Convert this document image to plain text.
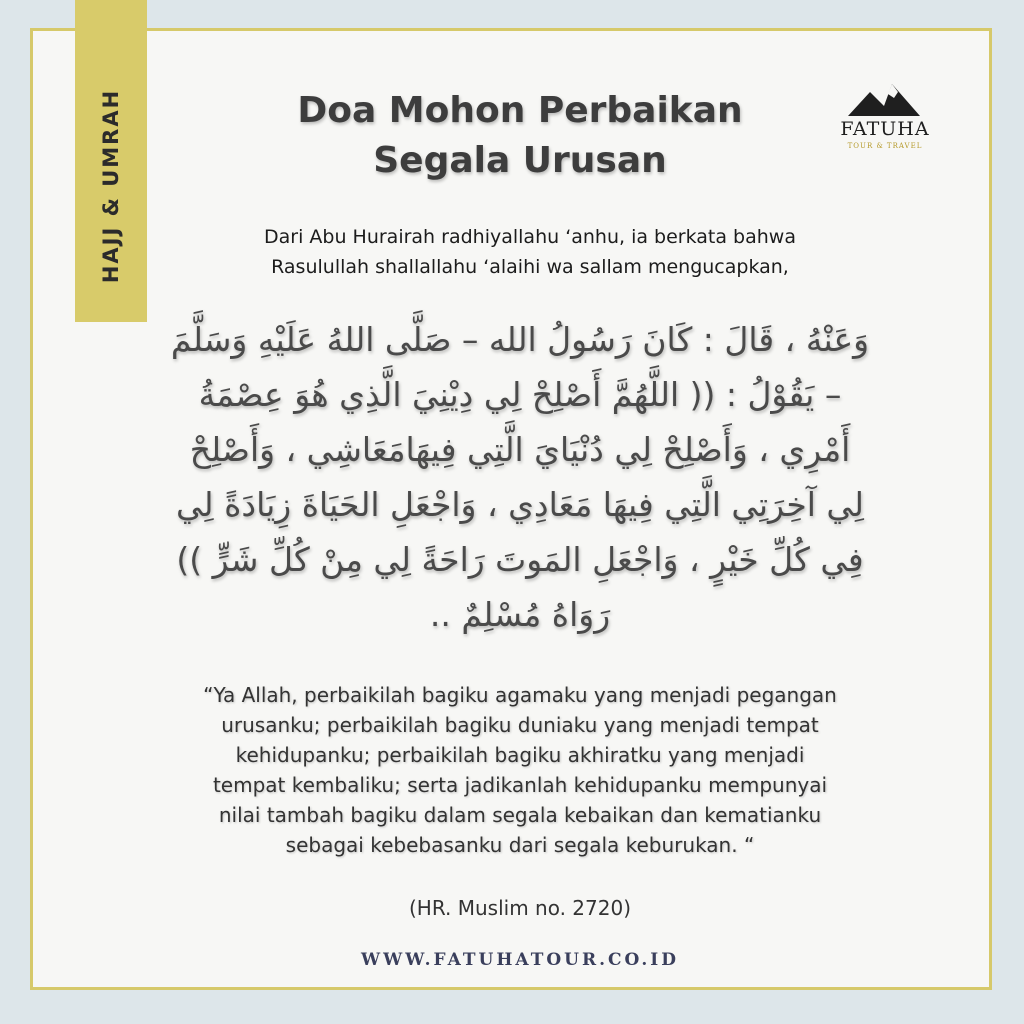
HAJJ & UMRAH	Doa Mohon Perbaikan
Segala Urusan
FATUHA
TOUR & TRAVEL
Dari Abu Hurairah radhiyallahu ‘anhu, ia berkata bahwa
Rasulullah shallallahu ‘alaihi wa sallam mengucapkan,
وَعَنْهُ ، قَالَ : كَانَ رَسُولُ الله – صَلَّى اللهُ عَلَيْهِ وَسَلَّمَ
– يَقُوْلُ : (( اللَّهُمَّ أَصْلِحْ لِي دِيْنِيَ الَّذِي هُوَ عِصْمَةُ
أَمْرِي ، وَأَصْلِحْ لِي دُنْيَايَ الَّتِي فِيهَامَعَاشِي ، وَأَصْلِحْ
لِي آخِرَتِي الَّتِي فِيهَا مَعَادِي ، وَاجْعَلِ الحَيَاةَ زِيَادَةً لِي
فِي كُلِّ خَيْرٍ ، وَاجْعَلِ المَوتَ رَاحَةً لِي مِنْ كُلِّ شَرٍّ ))
رَوَاهُ مُسْلِمٌ ..
“Ya Allah, perbaikilah bagiku agamaku yang menjadi pegangan
urusanku; perbaikilah bagiku duniaku yang menjadi tempat
kehidupanku; perbaikilah bagiku akhiratku yang menjadi
tempat kembaliku; serta jadikanlah kehidupanku mempunyai
nilai tambah bagiku dalam segala kebaikan dan kematianku
sebagai kebebasanku dari segala keburukan. “
(HR. Muslim no. 2720)
WWW.FATUHATOUR.CO.ID
